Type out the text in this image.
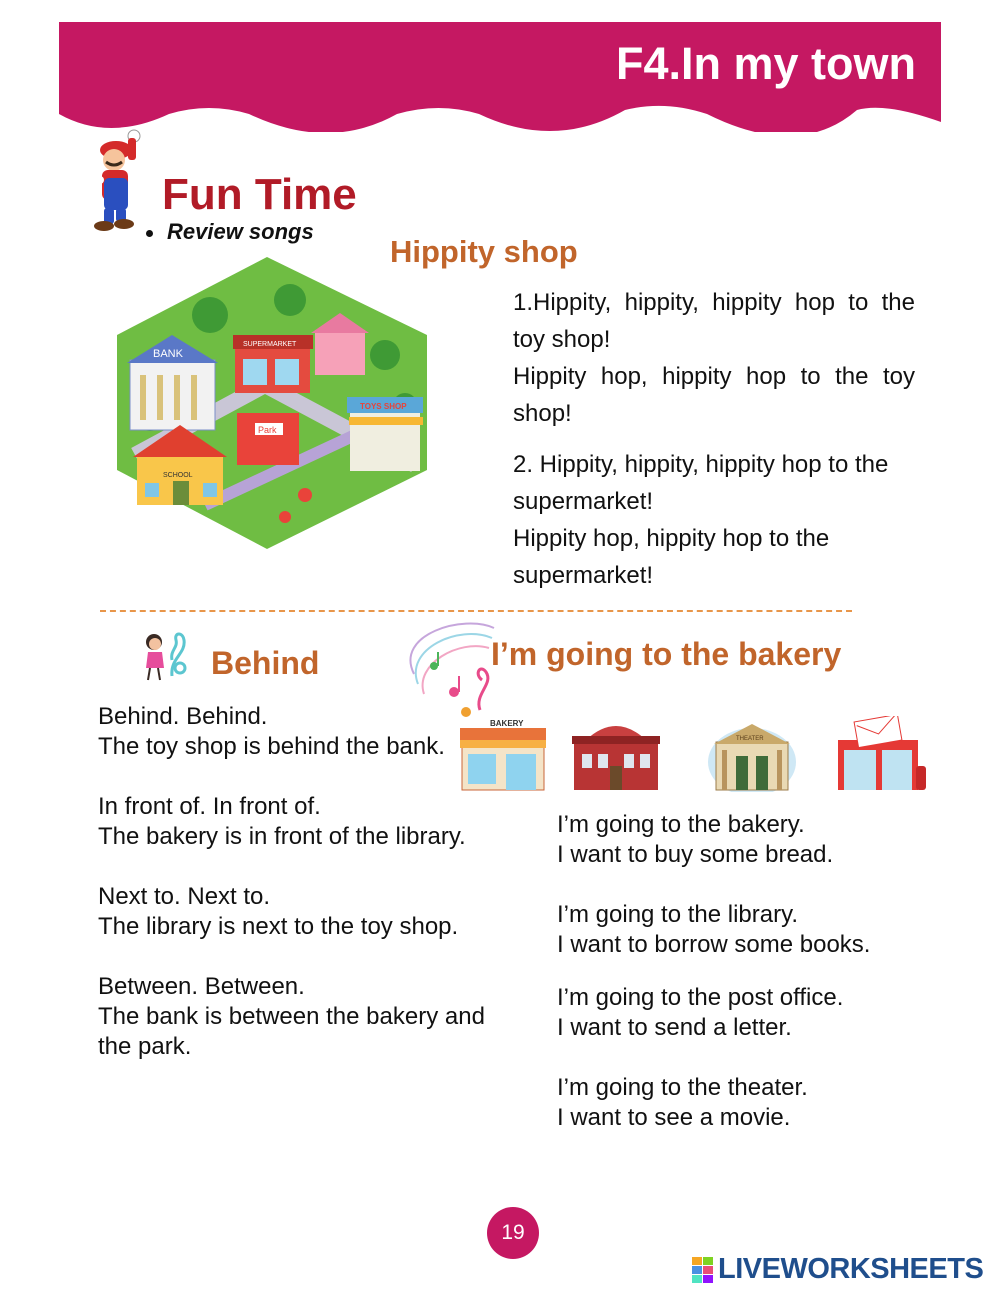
F4.In my town
Fun Time
Review songs
Hippity shop
BANK
SUPERMARKET
Park
TOYS SHOP
SCHOOL
1.Hippity, hippity, hippity hop to the toy shop!
Hippity hop, hippity hop to the toy shop!
2. Hippity, hippity, hippity hop to the supermarket!
Hippity hop, hippity hop to the supermarket!
Behind	I’m going to the bakery
BAKERY
THEATER

Behind. Behind.

The toy shop is behind the bank.

In front of. In front of.

The bakery is in front of the library.

Next to. Next to.

The library is next to the toy shop.

Between. Between.

The bank is between the bakery and the park.

I’m going to the bakery.

I want to buy some bread.

I’m going to the library.

I want to borrow some books.

I’m going to the post office.

I want to send a letter.

I’m going to the theater.

I want to see a movie.

19
LIVEWORKSHEETS
